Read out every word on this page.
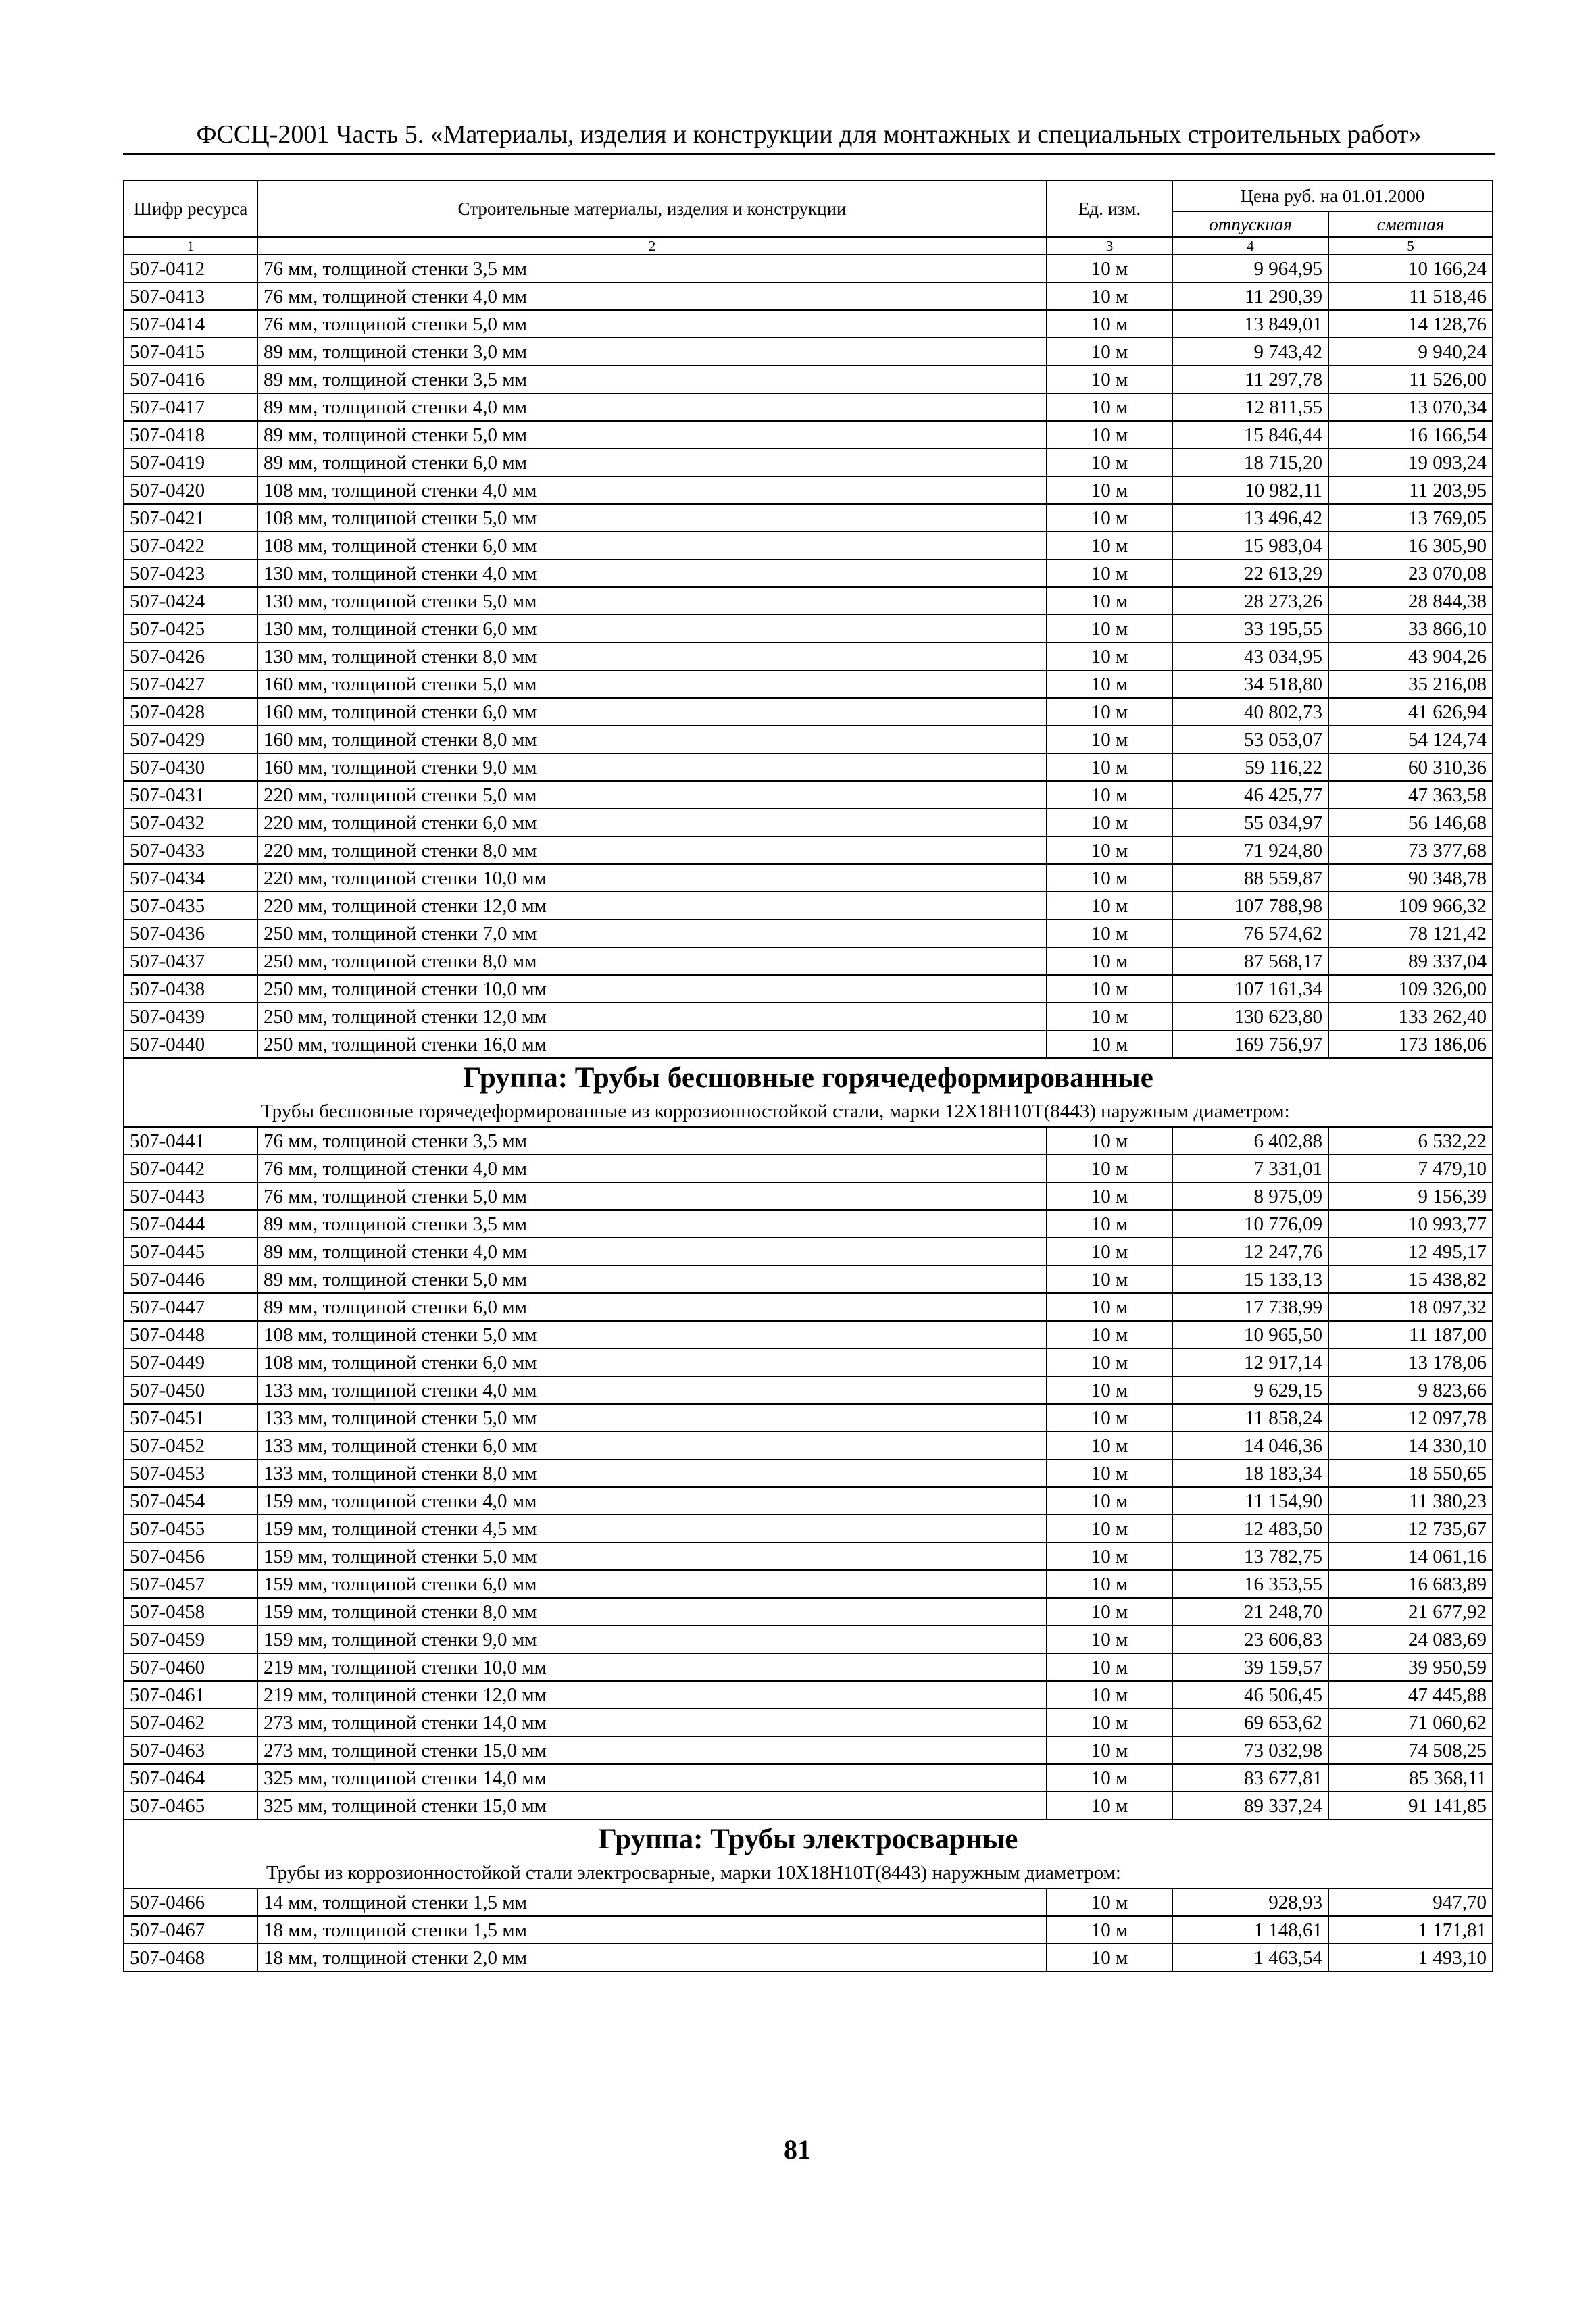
ФССЦ-2001 Часть 5. «Материалы, изделия и конструкции для монтажных и специальных строительных работ»
Шифр ресурса	Строительные материалы, изделия и конструкции	Ед. изм.	Цена руб. на 01.01.2000	
			отпускная	сметная
1	2	3	4	5
507-0412	76 мм, толщиной стенки 3,5 мм	10 м	9 964,95	10 166,24
507-0413	76 мм, толщиной стенки 4,0 мм	10 м	11 290,39	11 518,46
507-0414	76 мм, толщиной стенки 5,0 мм	10 м	13 849,01	14 128,76
507-0415	89 мм, толщиной стенки 3,0 мм	10 м	9 743,42	9 940,24
507-0416	89 мм, толщиной стенки 3,5 мм	10 м	11 297,78	11 526,00
507-0417	89 мм, толщиной стенки 4,0 мм	10 м	12 811,55	13 070,34
507-0418	89 мм, толщиной стенки 5,0 мм	10 м	15 846,44	16 166,54
507-0419	89 мм, толщиной стенки 6,0 мм	10 м	18 715,20	19 093,24
507-0420	108 мм, толщиной стенки 4,0 мм	10 м	10 982,11	11 203,95
507-0421	108 мм, толщиной стенки 5,0 мм	10 м	13 496,42	13 769,05
507-0422	108 мм, толщиной стенки 6,0 мм	10 м	15 983,04	16 305,90
507-0423	130 мм, толщиной стенки 4,0 мм	10 м	22 613,29	23 070,08
507-0424	130 мм, толщиной стенки 5,0 мм	10 м	28 273,26	28 844,38
507-0425	130 мм, толщиной стенки 6,0 мм	10 м	33 195,55	33 866,10
507-0426	130 мм, толщиной стенки 8,0 мм	10 м	43 034,95	43 904,26
507-0427	160 мм, толщиной стенки 5,0 мм	10 м	34 518,80	35 216,08
507-0428	160 мм, толщиной стенки 6,0 мм	10 м	40 802,73	41 626,94
507-0429	160 мм, толщиной стенки 8,0 мм	10 м	53 053,07	54 124,74
507-0430	160 мм, толщиной стенки 9,0 мм	10 м	59 116,22	60 310,36
507-0431	220 мм, толщиной стенки 5,0 мм	10 м	46 425,77	47 363,58
507-0432	220 мм, толщиной стенки 6,0 мм	10 м	55 034,97	56 146,68
507-0433	220 мм, толщиной стенки 8,0 мм	10 м	71 924,80	73 377,68
507-0434	220 мм, толщиной стенки 10,0 мм	10 м	88 559,87	90 348,78
507-0435	220 мм, толщиной стенки 12,0 мм	10 м	107 788,98	109 966,32
507-0436	250 мм, толщиной стенки 7,0 мм	10 м	76 574,62	78 121,42
507-0437	250 мм, толщиной стенки 8,0 мм	10 м	87 568,17	89 337,04
507-0438	250 мм, толщиной стенки 10,0 мм	10 м	107 161,34	109 326,00
507-0439	250 мм, толщиной стенки 12,0 мм	10 м	130 623,80	133 262,40
507-0440	250 мм, толщиной стенки 16,0 мм	10 м	169 756,97	173 186,06
Группа: Трубы бесшовные горячедеформированные				
Трубы бесшовные горячедеформированные из коррозионностойкой стали, марки 12Х18Н10Т(8443) наружным диаметром:				
507-0441	76 мм, толщиной стенки 3,5 мм	10 м	6 402,88	6 532,22
507-0442	76 мм, толщиной стенки 4,0 мм	10 м	7 331,01	7 479,10
507-0443	76 мм, толщиной стенки 5,0 мм	10 м	8 975,09	9 156,39
507-0444	89 мм, толщиной стенки 3,5 мм	10 м	10 776,09	10 993,77
507-0445	89 мм, толщиной стенки 4,0 мм	10 м	12 247,76	12 495,17
507-0446	89 мм, толщиной стенки 5,0 мм	10 м	15 133,13	15 438,82
507-0447	89 мм, толщиной стенки 6,0 мм	10 м	17 738,99	18 097,32
507-0448	108 мм, толщиной стенки 5,0 мм	10 м	10 965,50	11 187,00
507-0449	108 мм, толщиной стенки 6,0 мм	10 м	12 917,14	13 178,06
507-0450	133 мм, толщиной стенки 4,0 мм	10 м	9 629,15	9 823,66
507-0451	133 мм, толщиной стенки 5,0 мм	10 м	11 858,24	12 097,78
507-0452	133 мм, толщиной стенки 6,0 мм	10 м	14 046,36	14 330,10
507-0453	133 мм, толщиной стенки 8,0 мм	10 м	18 183,34	18 550,65
507-0454	159 мм, толщиной стенки 4,0 мм	10 м	11 154,90	11 380,23
507-0455	159 мм, толщиной стенки 4,5 мм	10 м	12 483,50	12 735,67
507-0456	159 мм, толщиной стенки 5,0 мм	10 м	13 782,75	14 061,16
507-0457	159 мм, толщиной стенки 6,0 мм	10 м	16 353,55	16 683,89
507-0458	159 мм, толщиной стенки 8,0 мм	10 м	21 248,70	21 677,92
507-0459	159 мм, толщиной стенки 9,0 мм	10 м	23 606,83	24 083,69
507-0460	219 мм, толщиной стенки 10,0 мм	10 м	39 159,57	39 950,59
507-0461	219 мм, толщиной стенки 12,0 мм	10 м	46 506,45	47 445,88
507-0462	273 мм, толщиной стенки 14,0 мм	10 м	69 653,62	71 060,62
507-0463	273 мм, толщиной стенки 15,0 мм	10 м	73 032,98	74 508,25
507-0464	325 мм, толщиной стенки 14,0 мм	10 м	83 677,81	85 368,11
507-0465	325 мм, толщиной стенки 15,0 мм	10 м	89 337,24	91 141,85
Группа: Трубы электросварные				
Трубы из коррозионностойкой стали электросварные, марки 10Х18Н10Т(8443) наружным диаметром:				
507-0466	14 мм, толщиной стенки 1,5 мм	10 м	928,93	947,70
507-0467	18 мм, толщиной стенки 1,5 мм	10 м	1 148,61	1 171,81
507-0468	18 мм, толщиной стенки 2,0 мм	10 м	1 463,54	1 493,10
81
